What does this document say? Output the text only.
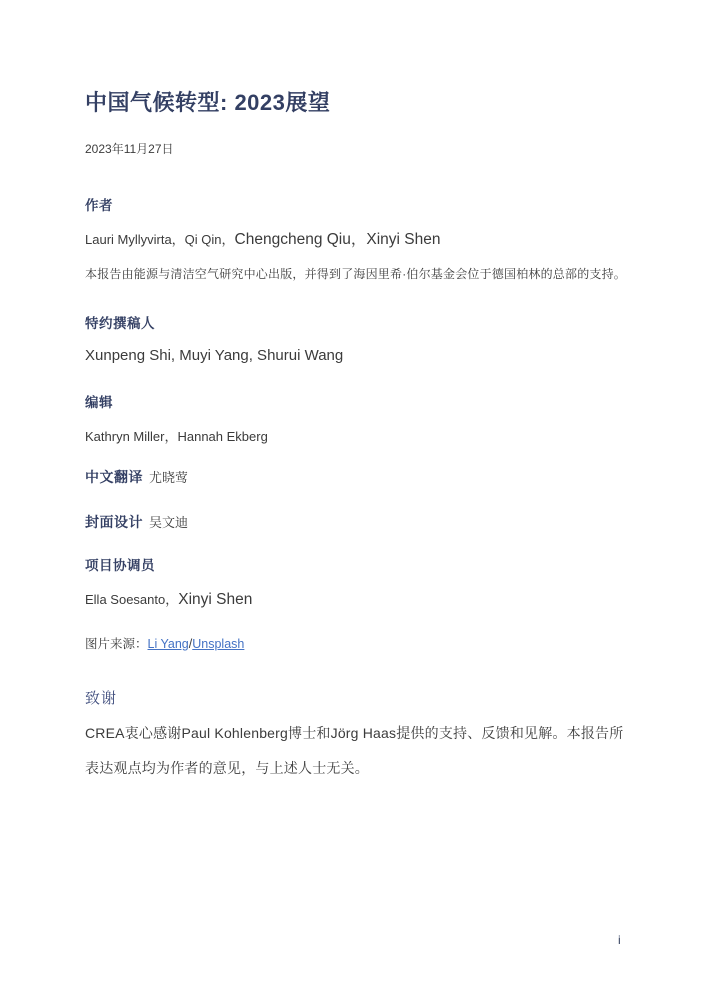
中国气候转型: 2023展望
2023年11月27日
作者
Lauri Myllyvirta，Qi Qin，Chengcheng Qiu，Xinyi Shen
本报告由能源与清洁空气研究中心出版，并得到了海因里希·伯尔基金会位于德国柏林的总部的支持。
特约撰稿人
Xunpeng Shi, Muyi Yang, Shurui Wang
编辑
Kathryn Miller，Hannah Ekberg
中文翻译 尤晓莺
封面设计 吴文迪
项目协调员
Ella Soesanto，Xinyi Shen
图片来源：Li Yang/Unsplash
致谢

CREA衷心感谢Paul Kohlenberg博士和Jörg Haas提供的支持、反馈和见解。本报告所表达观点均为作者的意见，与上述人士无关。

i
